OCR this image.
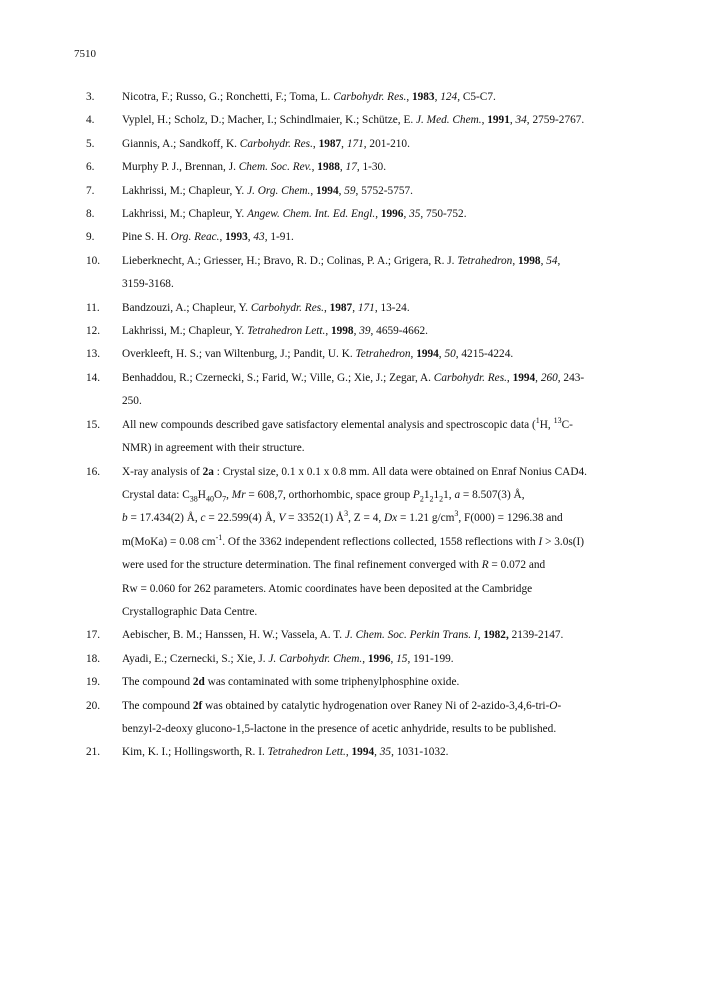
7510
3.	Nicotra, F.; Russo, G.; Ronchetti, F.; Toma, L. Carbohydr. Res., 1983, 124, C5-C7.
4.	Vyplel, H.; Scholz, D.; Macher, I.; Schindlmaier, K.; Schütze, E. J. Med. Chem., 1991, 34, 2759-2767.
5.	Giannis, A.; Sandkoff, K. Carbohydr. Res., 1987, 171, 201-210.
6.	Murphy P. J., Brennan, J. Chem. Soc. Rev., 1988, 17, 1-30.
7.	Lakhrissi, M.; Chapleur, Y. J. Org. Chem., 1994, 59, 5752-5757.
8.	Lakhrissi, M.; Chapleur, Y. Angew. Chem. Int. Ed. Engl., 1996, 35, 750-752.
9.	Pine S. H. Org. Reac., 1993, 43, 1-91.
10.	Lieberknecht, A.; Griesser, H.; Bravo, R. D.; Colinas, P. A.; Grigera, R. J. Tetrahedron, 1998, 54,
3159-3168.
11.	Bandzouzi, A.; Chapleur, Y. Carbohydr. Res., 1987, 171, 13-24.
12.	Lakhrissi, M.; Chapleur, Y. Tetrahedron Lett., 1998, 39, 4659-4662.
13.	Overkleeft, H. S.; van Wiltenburg, J.; Pandit, U. K. Tetrahedron, 1994, 50, 4215-4224.
14.	Benhaddou, R.; Czernecki, S.; Farid, W.; Ville, G.; Xie, J.; Zegar, A. Carbohydr. Res., 1994, 260, 243-
250.
15.	All new compounds described gave satisfactory elemental analysis and spectroscopic data ($^1$H, $^{13}$C-
NMR) in agreement with their structure.
16.	X-ray analysis of 2a : Crystal size, 0.1 x 0.1 x 0.8 mm. All data were obtained on Enraf Nonius CAD4.
Crystal data: $C_{38}H_{40}O_7$, Mr = 608,7, orthorhombic, space group $P_21_21_21$, a = 8.507(3) Å,
b = 17.434(2) Å, c = 22.599(4) Å, V = 3352(1) $Å^3$, Z = 4, Dx = 1.21 $g/cm^3$, F(000) = 1296.38 and
m(MoKa) = 0.08 $cm^{-1}$. Of the 3362 independent reflections collected, 1558 reflections with I > 3.0s(I)
were used for the structure determination. The final refinement converged with R = 0.072 and
Rw = 0.060 for 262 parameters. Atomic coordinates have been deposited at the Cambridge
Crystallographic Data Centre.
17.	Aebischer, B. M.; Hanssen, H. W.; Vassela, A. T. J. Chem. Soc. Perkin Trans. I, 1982, 2139-2147.
18.	Ayadi, E.; Czernecki, S.; Xie, J. J. Carbohydr. Chem., 1996, 15, 191-199.
19.	The compound 2d was contaminated with some triphenylphosphine oxide.
20.	The compound 2f was obtained by catalytic hydrogenation over Raney Ni of 2-azido-3,4,6-tri-O-
benzyl-2-deoxy glucono-1,5-lactone in the presence of acetic anhydride, results to be published.
21.	Kim, K. I.; Hollingsworth, R. I. Tetrahedron Lett., 1994, 35, 1031-1032.
